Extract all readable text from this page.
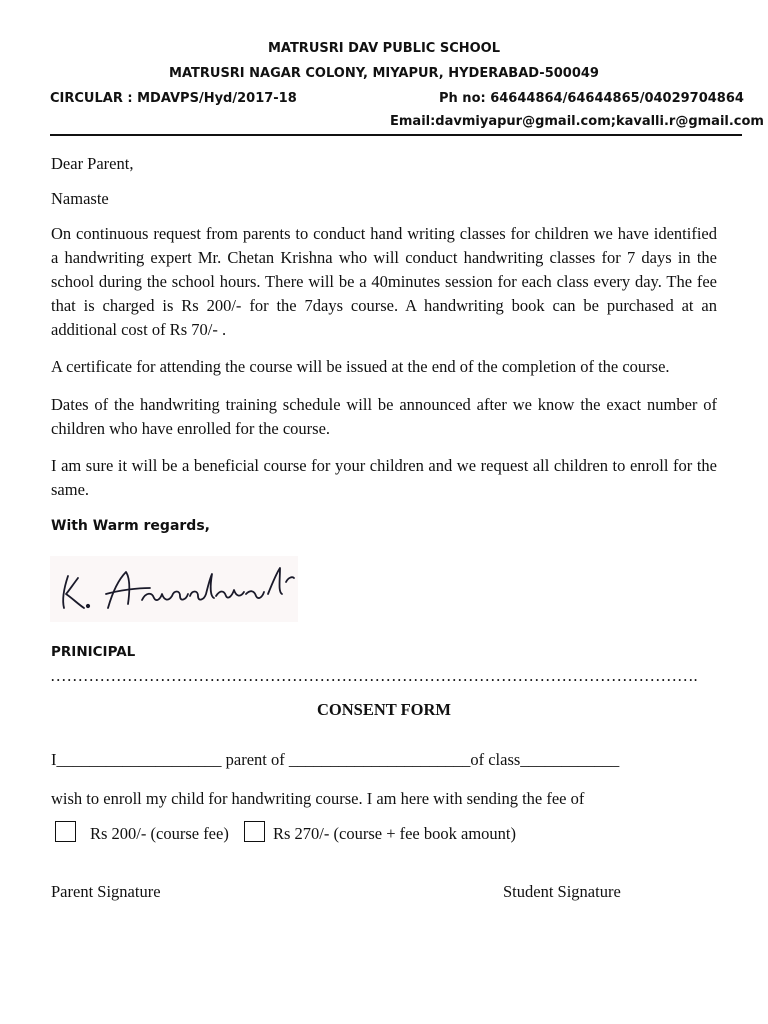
MATRUSRI DAV PUBLIC SCHOOL
MATRUSRI NAGAR COLONY, MIYAPUR, HYDERABAD-500049
CIRCULAR : MDAVPS/Hyd/2017-18	Ph no: 64644864/64644865/04029704864
Email:davmiyapur@gmail.com;kavalli.r@gmail.com

Dear Parent,

Namaste

On continuous request from parents to conduct hand writing classes for children we have identified a handwriting expert Mr. Chetan Krishna who will conduct handwriting classes for 7 days in the school during the school hours. There will be a 40minutes session for each class every day. The fee that is charged is Rs 200/- for the 7days course. A handwriting book can be purchased at an additional cost of Rs 70/- .

A certificate for attending the course will be issued at the end of the completion of the course.

Dates of the handwriting training schedule will be announced after we know the exact number of children who have enrolled for the course.

I am sure it will be a beneficial course for your children and we request all children to enroll for the same.

With Warm regards,
PRINICIPAL
……………………………………………………………………………………………………….
CONSENT FORM
I____________________ parent of ______________________of class____________
wish to enroll my child for handwriting course. I am here with sending the fee of
Rs 200/- (course fee)	Rs 270/- (course + fee book amount)
Parent Signature	Student Signature
